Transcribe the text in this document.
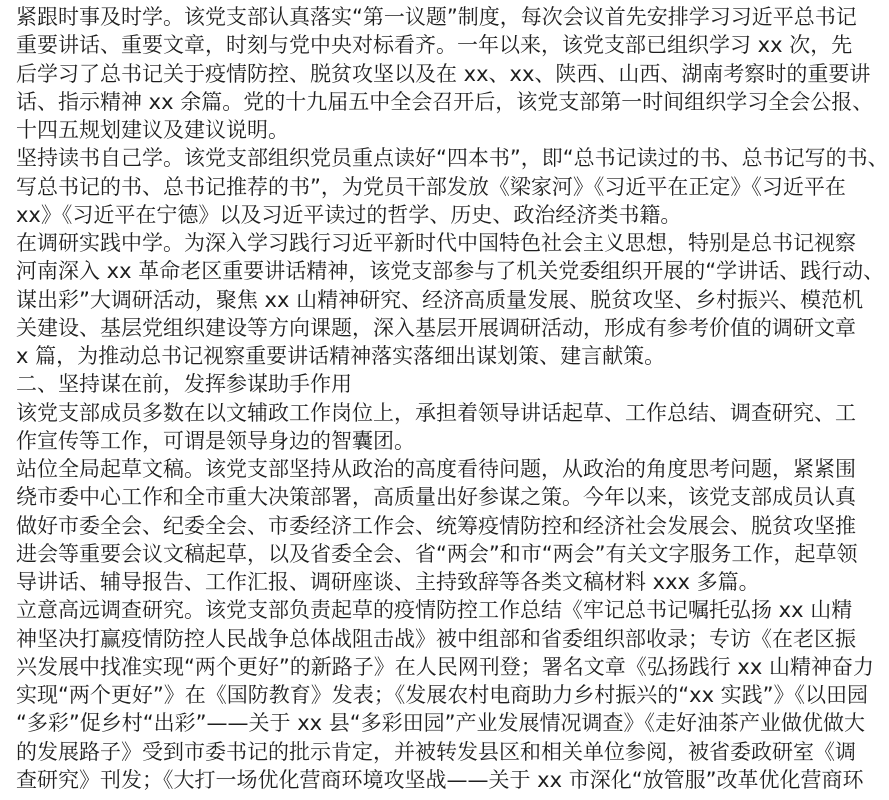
紧跟时事及时学。该党支部认真落实“第一议题”制度，每次会议首先安排学习习近平总书记
重要讲话、重要文章，时刻与党中央对标看齐。一年以来，该党支部已组织学习 xx 次，先
后学习了总书记关于疫情防控、脱贫攻坚以及在 xx、xx、陕西、山西、湖南考察时的重要讲
话、指示精神 xx 余篇。党的十九届五中全会召开后，该党支部第一时间组织学习全会公报、
十四五规划建议及建议说明。
坚持读书自己学。该党支部组织党员重点读好“四本书”，即“总书记读过的书、总书记写的书、
写总书记的书、总书记推荐的书”，为党员干部发放《梁家河》《习近平在正定》《习近平在
xx》《习近平在宁德》以及习近平读过的哲学、历史、政治经济类书籍。
在调研实践中学。为深入学习践行习近平新时代中国特色社会主义思想，特别是总书记视察
河南深入 xx 革命老区重要讲话精神，该党支部参与了机关党委组织开展的“学讲话、践行动、
谋出彩”大调研活动，聚焦 xx 山精神研究、经济高质量发展、脱贫攻坚、乡村振兴、模范机
关建设、基层党组织建设等方向课题，深入基层开展调研活动，形成有参考价值的调研文章
x 篇，为推动总书记视察重要讲话精神落实落细出谋划策、建言献策。
二、坚持谋在前，发挥参谋助手作用
该党支部成员多数在以文辅政工作岗位上，承担着领导讲话起草、工作总结、调查研究、工
作宣传等工作，可谓是领导身边的智囊团。
站位全局起草文稿。该党支部坚持从政治的高度看待问题，从政治的角度思考问题，紧紧围
绕市委中心工作和全市重大决策部署，高质量出好参谋之策。今年以来，该党支部成员认真
做好市委全会、纪委全会、市委经济工作会、统筹疫情防控和经济社会发展会、脱贫攻坚推
进会等重要会议文稿起草，以及省委全会、省“两会”和市“两会”有关文字服务工作，起草领
导讲话、辅导报告、工作汇报、调研座谈、主持致辞等各类文稿材料 xxx 多篇。
立意高远调查研究。该党支部负责起草的疫情防控工作总结《牢记总书记嘱托弘扬 xx 山精
神坚决打赢疫情防控人民战争总体战阻击战》被中组部和省委组织部收录；专访《在老区振
兴发展中找准实现“两个更好”的新路子》在人民网刊登；署名文章《弘扬践行 xx 山精神奋力
实现“两个更好”》在《国防教育》发表；《发展农村电商助力乡村振兴的“xx 实践”》《以田园
“多彩”促乡村“出彩”——关于 xx 县“多彩田园”产业发展情况调查》《走好油茶产业做优做大
的发展路子》受到市委书记的批示肯定，并被转发县区和相关单位参阅，被省委政研室《调
查研究》刊发；《大打一场优化营商环境攻坚战——关于 xx 市深化“放管服”改革优化营商环
